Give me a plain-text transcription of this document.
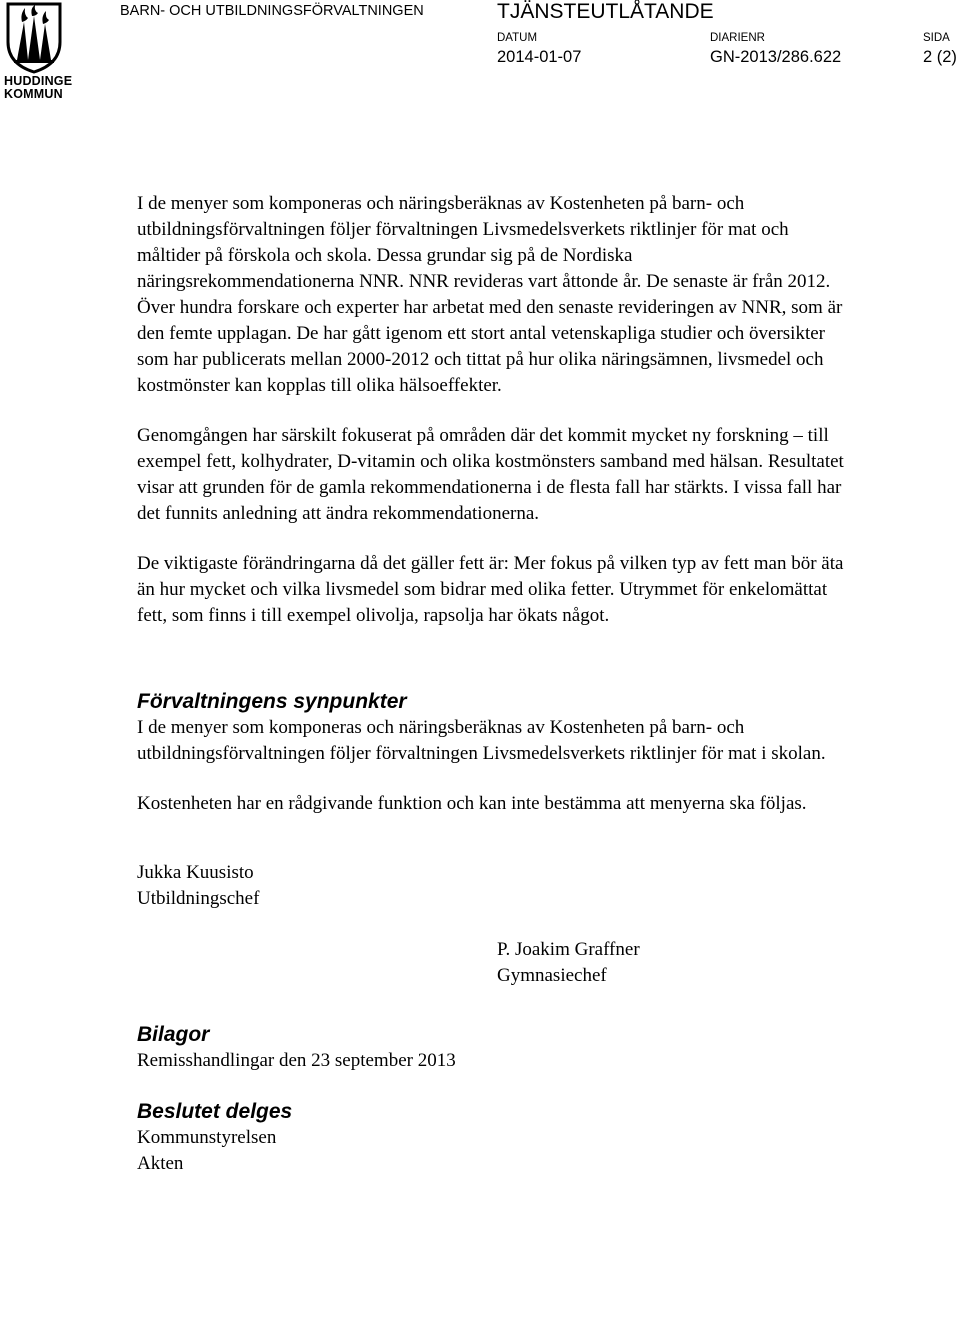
HUDDINGE
KOMMUN
BARN- OCH UTBILDNINGSFÖRVALTNINGEN	TJÄNSTEUTLÅTANDE
DATUM
2014-01-07
DIARIENR
GN-2013/286.622
SIDA
2 (2)

I de menyer som komponeras och näringsberäknas av Kostenheten på barn- och utbildningsförvaltningen följer förvaltningen Livsmedelsverkets riktlinjer för mat och måltider på förskola och skola. Dessa grundar sig på de Nordiska näringsrekommendationerna NNR. NNR revideras vart åttonde år. De senaste är från 2012. Över hundra forskare och experter har arbetat med den senaste revideringen av NNR, som är den femte upplagan. De har gått igenom ett stort antal vetenskapliga studier och översikter som har publicerats mellan 2000-2012 och tittat på hur olika näringsämnen, livsmedel och kostmönster kan kopplas till olika hälsoeffekter.

Genomgången har särskilt fokuserat på områden där det kommit mycket ny forskning – till exempel fett, kolhydrater, D-vitamin och olika kostmönsters samband med hälsan. Resultatet visar att grunden för de gamla rekommendationerna i de flesta fall har stärkts. I vissa fall har det funnits anledning att ändra rekommendationerna.

De viktigaste förändringarna då det gäller fett är: Mer fokus på vilken typ av fett man bör äta än hur mycket och vilka livsmedel som bidrar med olika fetter. Utrymmet för enkelomättat fett, som finns i till exempel olivolja, rapsolja har ökats något.

Förvaltningens synpunkter

I de menyer som komponeras och näringsberäknas av Kostenheten på barn- och utbildningsförvaltningen följer förvaltningen Livsmedelsverkets riktlinjer för mat i skolan.

Kostenheten har en rådgivande funktion och kan inte bestämma att menyerna ska följas.

Jukka Kuusisto
Utbildningschef
P. Joakim Graffner
Gymnasiechef
Bilagor
Remisshandlingar den 23 september 2013
Beslutet delges
Kommunstyrelsen
Akten
